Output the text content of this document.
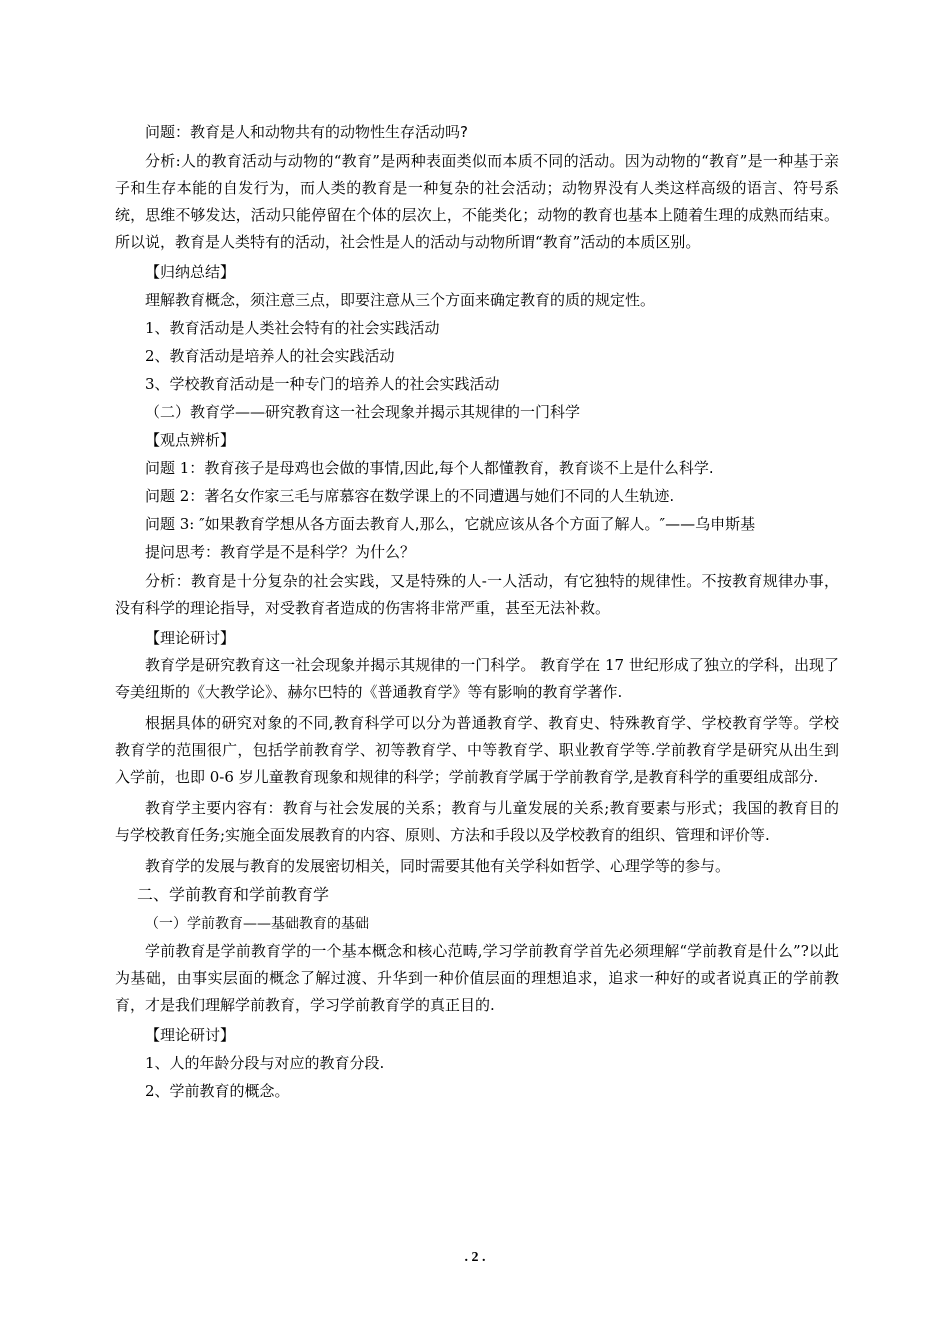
问题：教育是人和动物共有的动物性生存活动吗?
分析:人的教育活动与动物的“教育”是两种表面类似而本质不同的活动。因为动物的“教育”是一种基于亲子和生存本能的自发行为，而人类的教育是一种复杂的社会活动；动物界没有人类这样高级的语言、符号系统，思维不够发达，活动只能停留在个体的层次上，不能类化；动物的教育也基本上随着生理的成熟而结束。所以说，教育是人类特有的活动，社会性是人的活动与动物所谓“教育”活动的本质区别。
【归纳总结】
理解教育概念，须注意三点，即要注意从三个方面来确定教育的质的规定性。
1、教育活动是人类社会特有的社会实践活动
2、教育活动是培养人的社会实践活动
3、学校教育活动是一种专门的培养人的社会实践活动
（二）教育学——研究教育这一社会现象并揭示其规律的一门科学
【观点辨析】
问题 1：教育孩子是母鸡也会做的事情,因此,每个人都懂教育，教育谈不上是什么科学.
问题 2：著名女作家三毛与席慕容在数学课上的不同遭遇与她们不同的人生轨迹.
问题 3: ″如果教育学想从各方面去教育人,那么，它就应该从各个方面了解人。″——乌申斯基
提问思考：教育学是不是科学？为什么？
分析：教育是十分复杂的社会实践，又是特殊的人-一人活动，有它独特的规律性。不按教育规律办事，没有科学的理论指导，对受教育者造成的伤害将非常严重，甚至无法补救。
【理论研讨】
教育学是研究教育这一社会现象并揭示其规律的一门科学。 教育学在 17 世纪形成了独立的学科，出现了夸美纽斯的《大教学论》、赫尔巴特的《普通教育学》等有影响的教育学著作.
根据具体的研究对象的不同,教育科学可以分为普通教育学、教育史、特殊教育学、学校教育学等。学校教育学的范围很广，包括学前教育学、初等教育学、中等教育学、职业教育学等.学前教育学是研究从出生到入学前，也即 0-6 岁儿童教育现象和规律的科学；学前教育学属于学前教育学,是教育科学的重要组成部分.
教育学主要内容有：教育与社会发展的关系；教育与儿童发展的关系;教育要素与形式；我国的教育目的与学校教育任务;实施全面发展教育的内容、原则、方法和手段以及学校教育的组织、管理和评价等.
教育学的发展与教育的发展密切相关，同时需要其他有关学科如哲学、心理学等的参与。
二、学前教育和学前教育学
（一）学前教育——基础教育的基础
学前教育是学前教育学的一个基本概念和核心范畴,学习学前教育学首先必须理解“学前教育是什么”?以此为基础，由事实层面的概念了解过渡、升华到一种价值层面的理想追求，追求一种好的或者说真正的学前教育，才是我们理解学前教育，学习学前教育学的真正目的.
【理论研讨】
1、人的年龄分段与对应的教育分段.
2、学前教育的概念。
. 2 .
